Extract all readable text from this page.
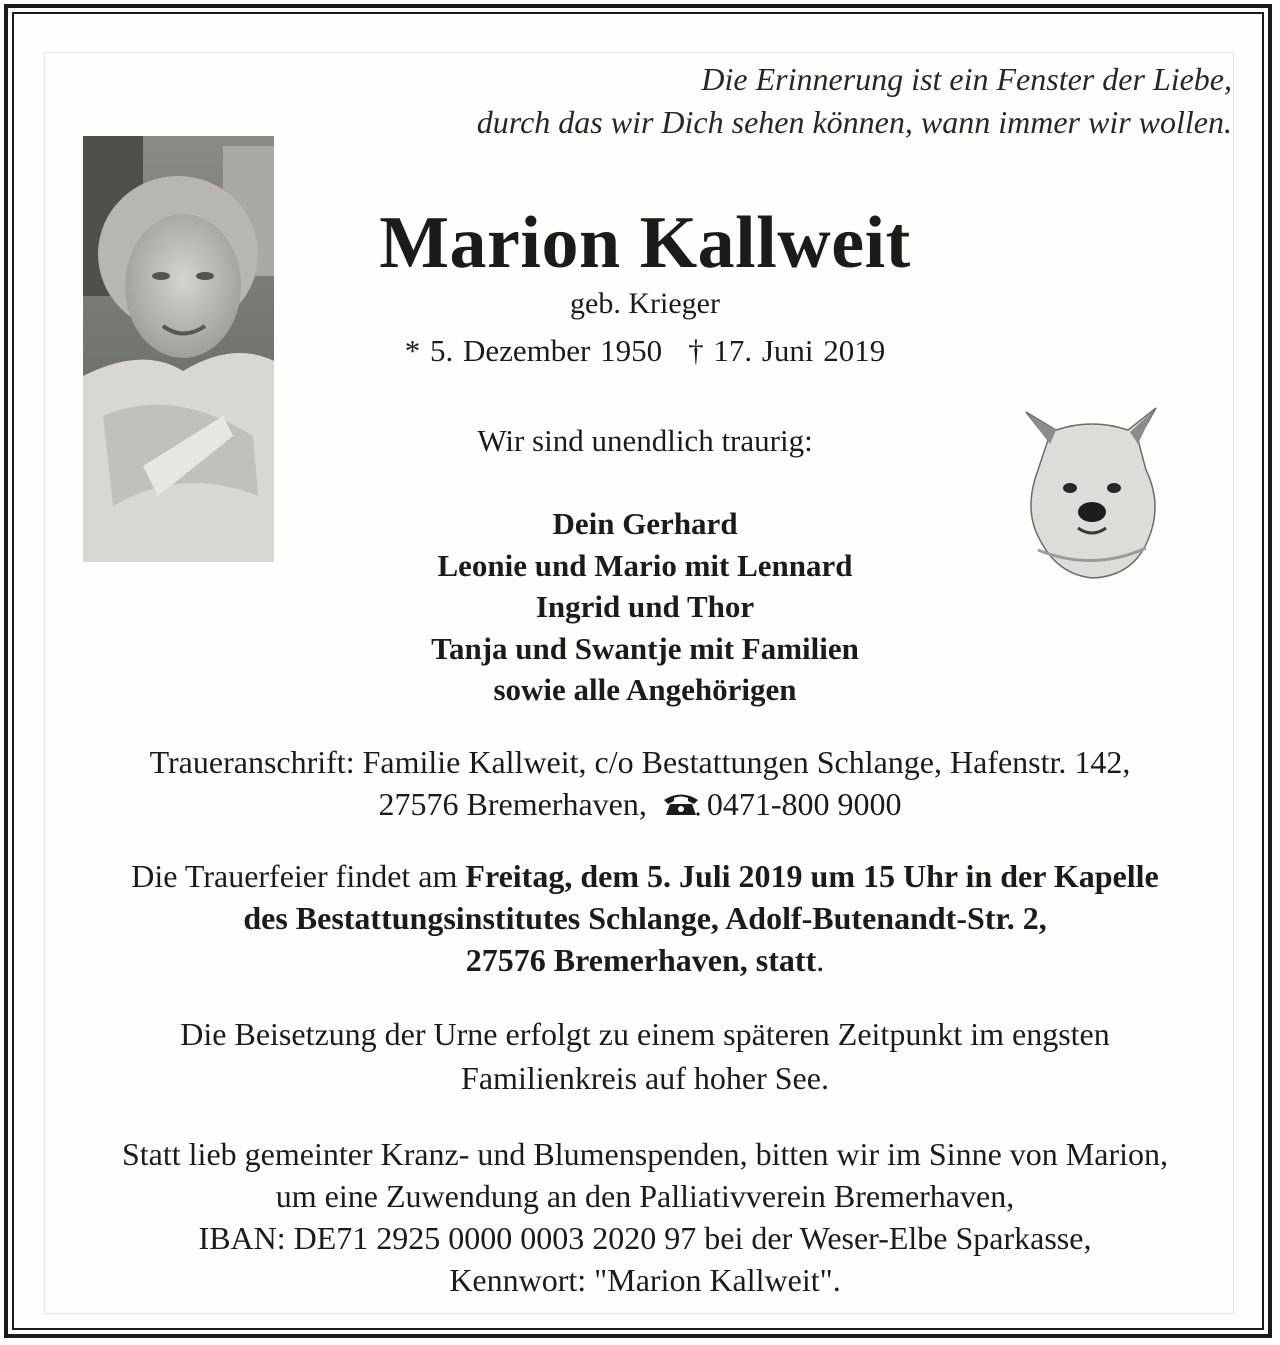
Die Erinnerung ist ein Fenster der Liebe,
durch das wir Dich sehen können, wann immer wir wollen.
Marion Kallweit
geb. Krieger
* 5. Dezember 1950 † 17. Juni 2019
Wir sind unendlich traurig:
Dein Gerhard
Leonie und Mario mit Lennard
Ingrid und Thor
Tanja und Swantje mit Familien
sowie alle Angehörigen
Traueranschrift: Familie Kallweit, c/o Bestattungen Schlange, Hafenstr. 142,
27576 Bremerhaven, 0471-800 9000
Die Trauerfeier findet am Freitag, dem 5. Juli 2019 um 15 Uhr in der Kapelle
des Bestattungsinstitutes Schlange, Adolf-Butenandt-Str. 2,
27576 Bremerhaven, statt.
Die Beisetzung der Urne erfolgt zu einem späteren Zeitpunkt im engsten
Familienkreis auf hoher See.
Statt lieb gemeinter Kranz- und Blumenspenden, bitten wir im Sinne von Marion,
um eine Zuwendung an den Palliativverein Bremerhaven,
IBAN: DE71 2925 0000 0003 2020 97 bei der Weser-Elbe Sparkasse,
Kennwort: "Marion Kallweit".
